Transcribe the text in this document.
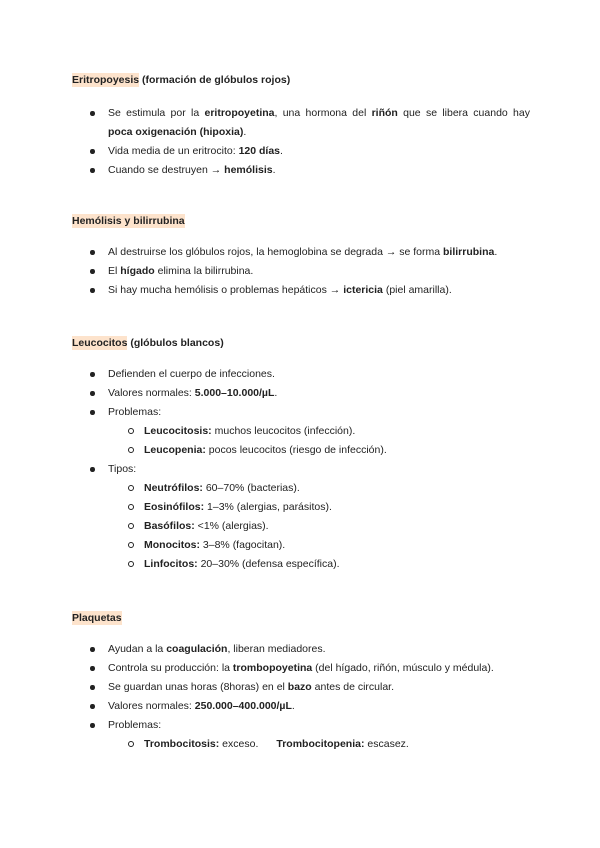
Eritropoyesis (formación de glóbulos rojos)
Se estimula por la eritropoyetina, una hormona del riñón que se libera cuando hay
poca oxigenación (hipoxia).
Vida media de un eritrocito: 120 días.
Cuando se destruyen → hemólisis.
Hemólisis y bilirrubina
Al destruirse los glóbulos rojos, la hemoglobina se degrada → se forma bilirrubina.
El hígado elimina la bilirrubina.
Si hay mucha hemólisis o problemas hepáticos → ictericia (piel amarilla).
Leucocitos (glóbulos blancos)
Defienden el cuerpo de infecciones.
Valores normales: 5.000–10.000/µL.
Problemas:
Leucocitosis: muchos leucocitos (infección).
Leucopenia: pocos leucocitos (riesgo de infección).
Tipos:
Neutrófilos: 60–70% (bacterias).
Eosinófilos: 1–3% (alergias, parásitos).
Basófilos: <1% (alergias).
Monocitos: 3–8% (fagocitan).
Linfocitos: 20–30% (defensa específica).
Plaquetas
Ayudan a la coagulación, liberan mediadores.
Controla su producción: la trombopoyetina (del hígado, riñón, músculo y médula).
Se guardan unas horas (8horas) en el bazo antes de circular.
Valores normales: 250.000–400.000/µL.
Problemas:
Trombocitosis: exceso. Trombocitopenia: escasez.
